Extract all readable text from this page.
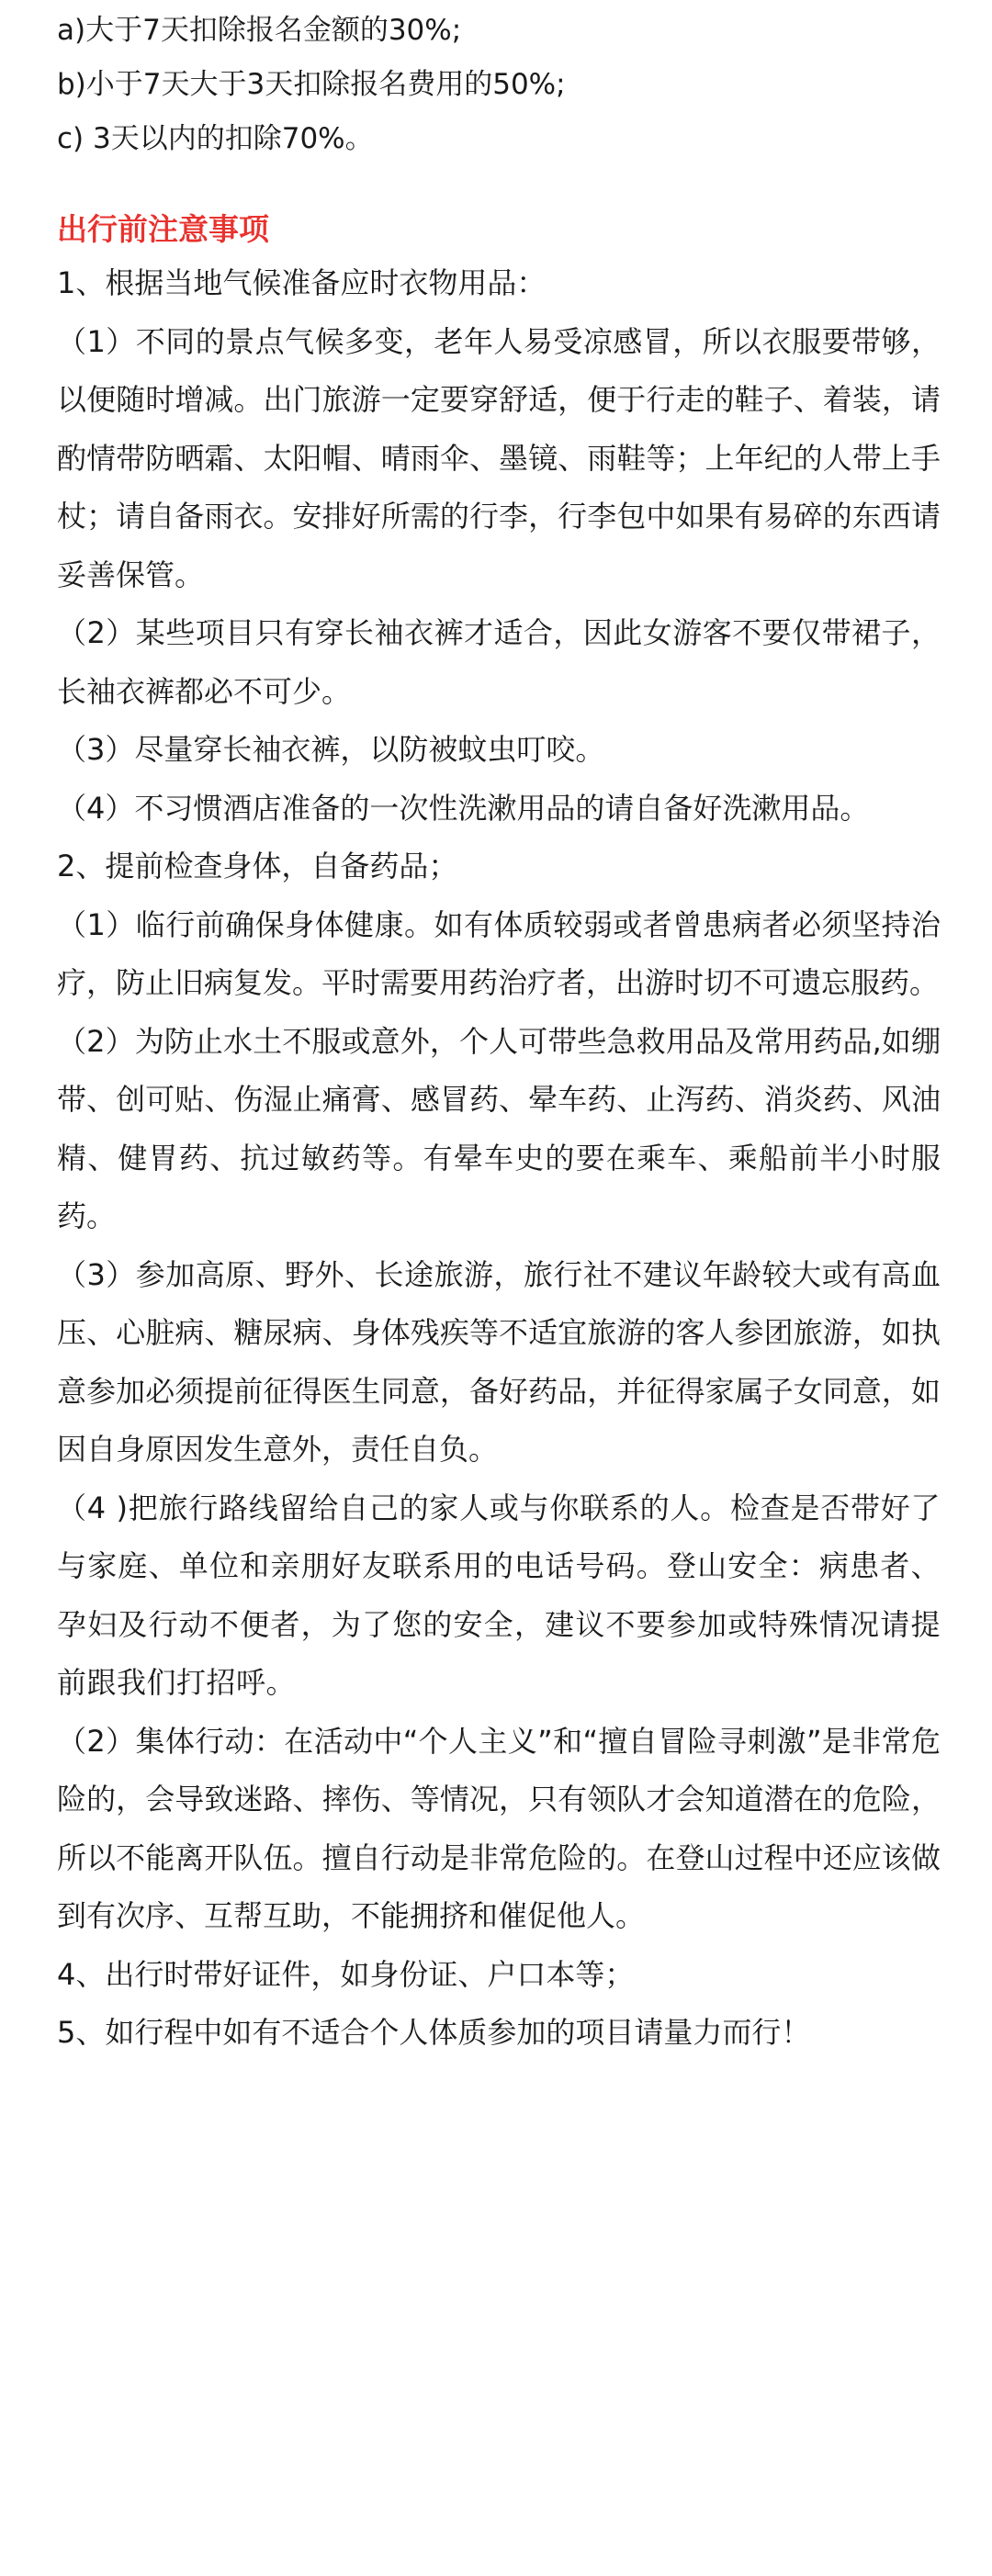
a)大于7天扣除报名金额的30%;

b)小于7天大于3天扣除报名费用的50%;

c) 3天以内的扣除70%。

出行前注意事项

1、根据当地气候准备应时衣物用品：

（1）不同的景点气候多变，老年人易受凉感冒，所以衣服要带够，以便随时增减。出门旅游一定要穿舒适，便于行走的鞋子、着装，请酌情带防晒霜、太阳帽、晴雨伞、墨镜、雨鞋等；上年纪的人带上手杖；请自备雨衣。安排好所需的行李，行李包中如果有易碎的东西请妥善保管。

（2）某些项目只有穿长袖衣裤才适合，因此女游客不要仅带裙子，长袖衣裤都必不可少。

（3）尽量穿长袖衣裤，以防被蚊虫叮咬。

（4）不习惯酒店准备的一次性洗漱用品的请自备好洗漱用品。

2、提前检查身体，自备药品；

（1）临行前确保身体健康。如有体质较弱或者曾患病者必须坚持治疗，防止旧病复发。平时需要用药治疗者，出游时切不可遗忘服药。

（2）为防止水土不服或意外，个人可带些急救用品及常用药品,如绷带、创可贴、伤湿止痛膏、感冒药、晕车药、止泻药、消炎药、风油精、健胃药、抗过敏药等。有晕车史的要在乘车、乘船前半小时服药。

（3）参加高原、野外、长途旅游，旅行社不建议年龄较大或有高血压、心脏病、糖尿病、身体残疾等不适宜旅游的客人参团旅游，如执意参加必须提前征得医生同意，备好药品，并征得家属子女同意，如因自身原因发生意外，责任自负。

（4 )把旅行路线留给自己的家人或与你联系的人。检查是否带好了与家庭、单位和亲朋好友联系用的电话号码。登山安全：病患者、孕妇及行动不便者，为了您的安全，建议不要参加或特殊情况请提前跟我们打招呼。

（2）集体行动：在活动中“个人主义”和“擅自冒险寻刺激”是非常危险的，会导致迷路、摔伤、等情况，只有领队才会知道潜在的危险，所以不能离开队伍。擅自行动是非常危险的。在登山过程中还应该做到有次序、互帮互助，不能拥挤和催促他人。

4、出行时带好证件，如身份证、户口本等；

5、如行程中如有不适合个人体质参加的项目请量力而行！
